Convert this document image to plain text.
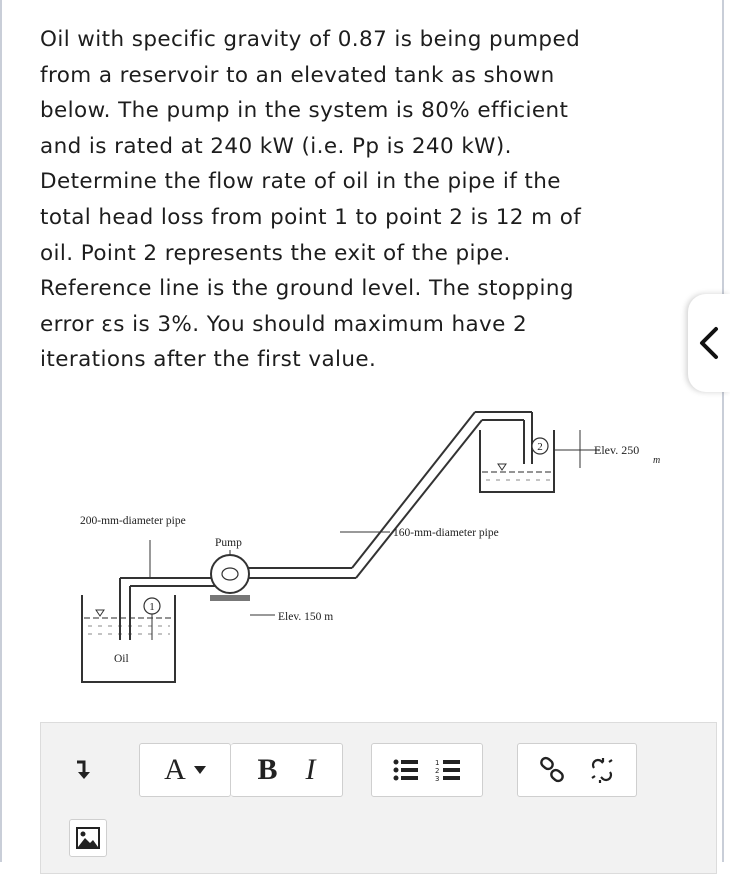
Oil with specific gravity of 0.87 is being pumped
from a reservoir to an elevated tank as shown
below. The pump in the system is 80% efficient
and is rated at 240 kW (i.e. Pp is 240 kW).
Determine the flow rate of oil in the pipe if the
total head loss from point 1 to point 2 is 12 m of
oil. Point 2 represents the exit of the pipe.
Reference line is the ground level. The stopping
error εs is 3%. You should maximum have 2
iterations after the first value.

1
2
200-mm-diameter pipe
Pump
Elev. 150 m
160-mm-diameter pipe
Elev. 250
m
Oil
A B I	1
2
3
